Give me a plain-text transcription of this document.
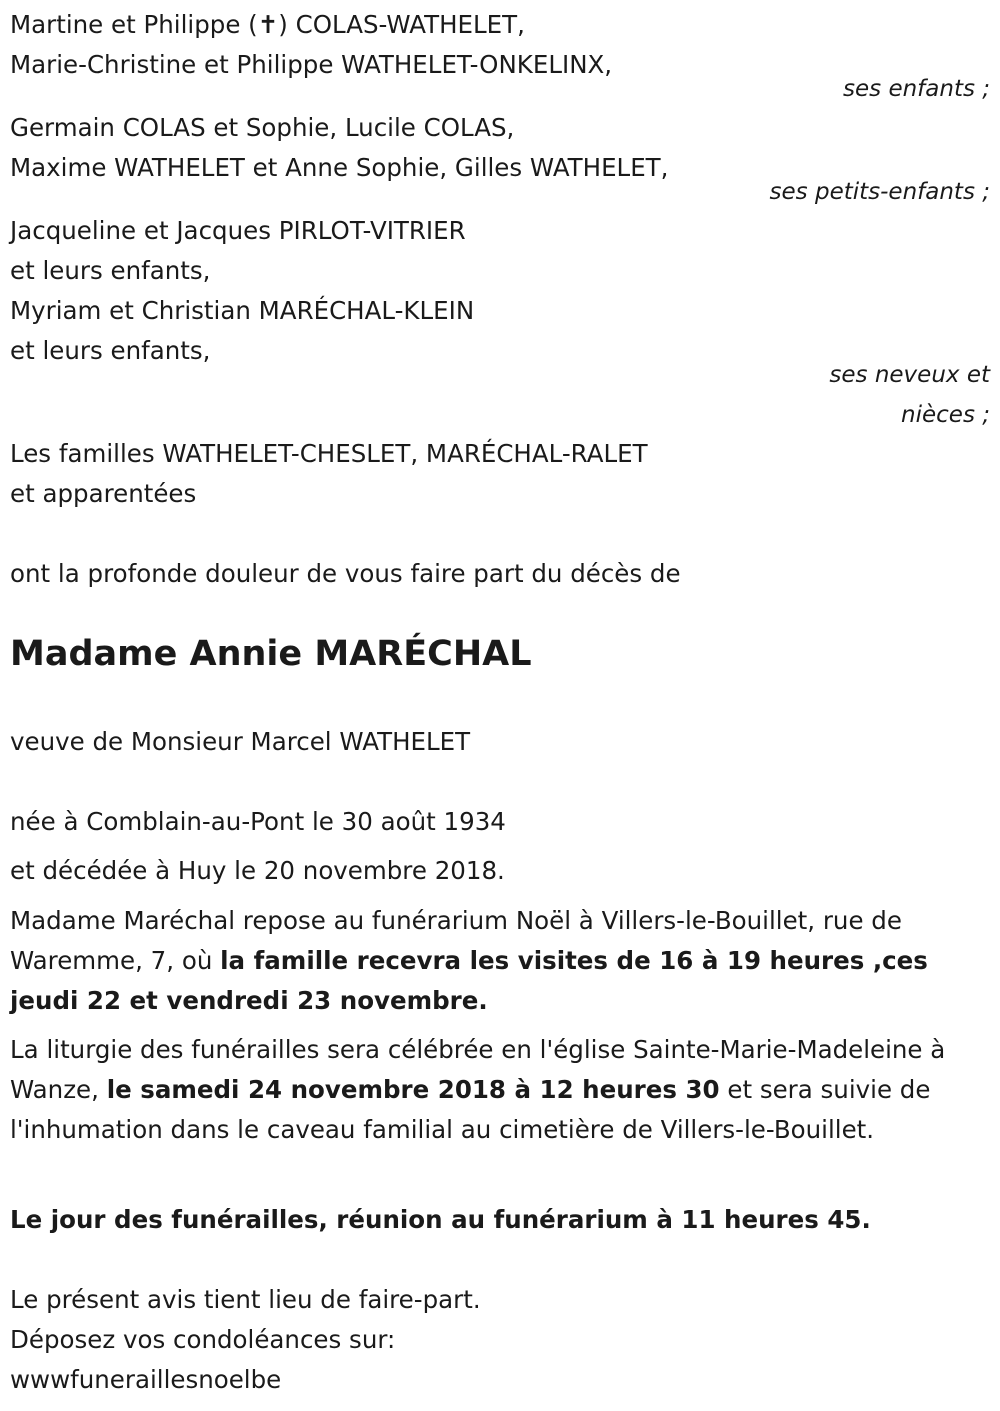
Martine et Philippe (✝) COLAS-WATHELET,
Marie-Christine et Philippe WATHELET-ONKELINX,
ses enfants ;
Germain COLAS et Sophie, Lucile COLAS,
Maxime WATHELET et Anne Sophie, Gilles WATHELET,
ses petits-enfants ;
Jacqueline et Jacques PIRLOT-VITRIER
et leurs enfants,
Myriam et Christian MARÉCHAL-KLEIN
et leurs enfants,
ses neveux et
nièces ;
Les familles WATHELET-CHESLET, MARÉCHAL-RALET
et apparentées
ont la profonde douleur de vous faire part du décès de
Madame Annie MARÉCHAL
veuve de Monsieur Marcel WATHELET
née à Comblain-au-Pont le 30 août 1934
et décédée à Huy le 20 novembre 2018.
Madame Maréchal repose au funérarium Noël à Villers-le-Bouillet, rue de Waremme, 7, où la famille recevra les visites de 16 à 19 heures ,ces jeudi 22 et vendredi 23 novembre.
La liturgie des funérailles sera célébrée en l'église Sainte-Marie-Madeleine à Wanze, le samedi 24 novembre 2018 à 12 heures 30 et sera suivie de l'inhumation dans le caveau familial au cimetière de Villers-le-Bouillet.
Le jour des funérailles, réunion au funérarium à 11 heures 45.
Le présent avis tient lieu de faire-part.
Déposez vos condoléances sur:
wwwfuneraillesnoelbe
